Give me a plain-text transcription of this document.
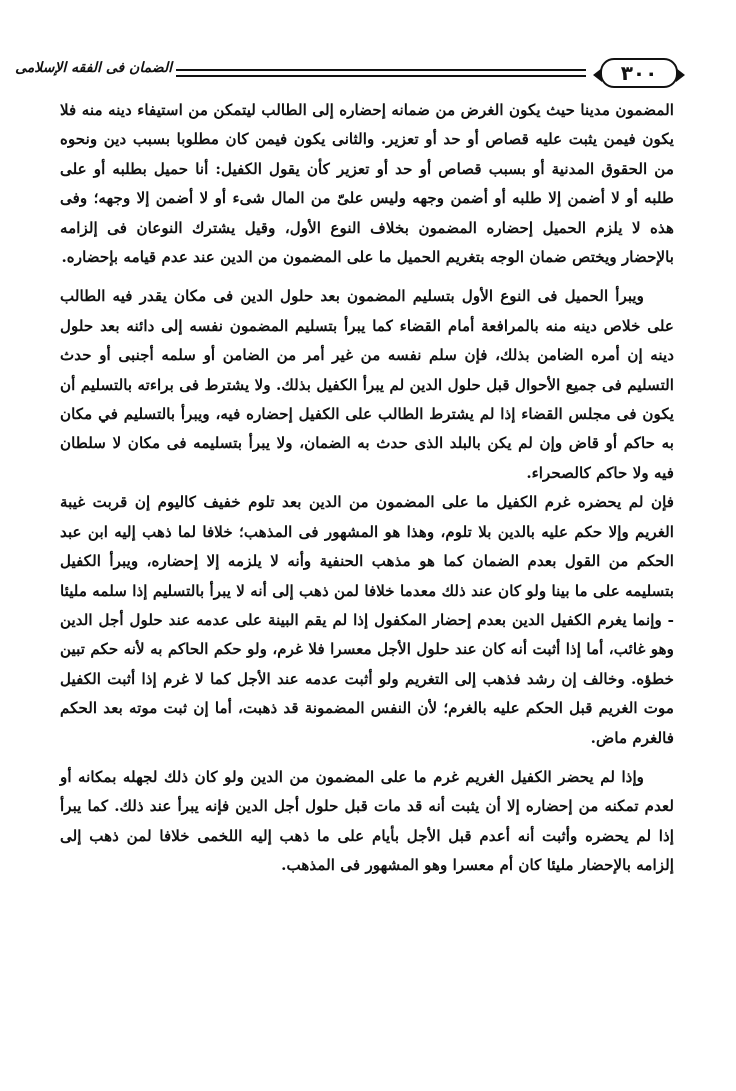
٣٠٠
الضمان فى الفقه الإسلامى

المضمون مدينا حيث يكون الغرض من ضمانه إحضاره إلى الطالب ليتمكن من استيفاء دينه منه فلا يكون فيمن يثبت عليه قصاص أو حد أو تعزير. والثانى يكون فيمن كان مطلوبا بسبب دين ونحوه من الحقوق المدنية أو بسبب قصاص أو حد أو تعزير كأن يقول الكفيل: أنا حميل بطلبه أو على طلبه أو لا أضمن إلا طلبه أو أضمن وجهه وليس علىّ من المال شىء أو لا أضمن إلا وجهه؛ وفى هذه لا يلزم الحميل إحضاره المضمون بخلاف النوع الأول، وقيل يشترك النوعان فى إلزامه بالإحضار ويختص ضمان الوجه بتغريم الحميل ما على المضمون من الدين عند عدم قيامه بإحضاره.

ويبرأ الحميل فى النوع الأول بتسليم المضمون بعد حلول الدين فى مكان يقدر فيه الطالب على خلاص دينه منه بالمرافعة أمام القضاء كما يبرأ بتسليم المضمون نفسه إلى دائنه بعد حلول دينه إن أمره الضامن بذلك، فإن سلم نفسه من غير أمر من الضامن أو سلمه أجنبى أو حدث التسليم فى جميع الأحوال قبل حلول الدين لم يبرأ الكفيل بذلك. ولا يشترط فى براءته بالتسليم أن يكون فى مجلس القضاء إذا لم يشترط الطالب على الكفيل إحضاره فيه، ويبرأ بالتسليم في مكان به حاكم أو قاض وإن لم يكن بالبلد الذى حدث به الضمان، ولا يبرأ بتسليمه فى مكان لا سلطان فيه ولا حاكم كالصحراء.

فإن لم يحضره غرم الكفيل ما على المضمون من الدين بعد تلوم خفيف كاليوم إن قربت غيبة الغريم وإلا حكم عليه بالدين بلا تلوم، وهذا هو المشهور فى المذهب؛ خلافا لما ذهب إليه ابن عبد الحكم من القول بعدم الضمان كما هو مذهب الحنفية وأنه لا يلزمه إلا إحضاره، ويبرأ الكفيل بتسليمه على ما بينا ولو كان عند ذلك معدما خلافا لمن ذهب إلى أنه لا يبرأ بالتسليم إذا سلمه مليئا - وإنما يغرم الكفيل الدين بعدم إحضار المكفول إذا لم يقم البينة على عدمه عند حلول أجل الدين وهو غائب، أما إذا أثبت أنه كان عند حلول الأجل معسرا فلا غرم، ولو حكم الحاكم به لأنه حكم تبين خطؤه. وخالف إن رشد فذهب إلى التغريم ولو أثبت عدمه عند الأجل كما لا غرم إذا أثبت الكفيل موت الغريم قبل الحكم عليه بالغرم؛ لأن النفس المضمونة قد ذهبت، أما إن ثبت موته بعد الحكم فالغرم ماض.

وإذا لم يحضر الكفيل الغريم غرم ما على المضمون من الدين ولو كان ذلك لجهله بمكانه أو لعدم تمكنه من إحضاره إلا أن يثبت أنه قد مات قبل حلول أجل الدين فإنه يبرأ عند ذلك. كما يبرأ إذا لم يحضره وأثبت أنه أعدم قبل الأجل بأيام على ما ذهب إليه اللخمى خلافا لمن ذهب إلى إلزامه بالإحضار مليئا كان أم معسرا وهو المشهور فى المذهب.
